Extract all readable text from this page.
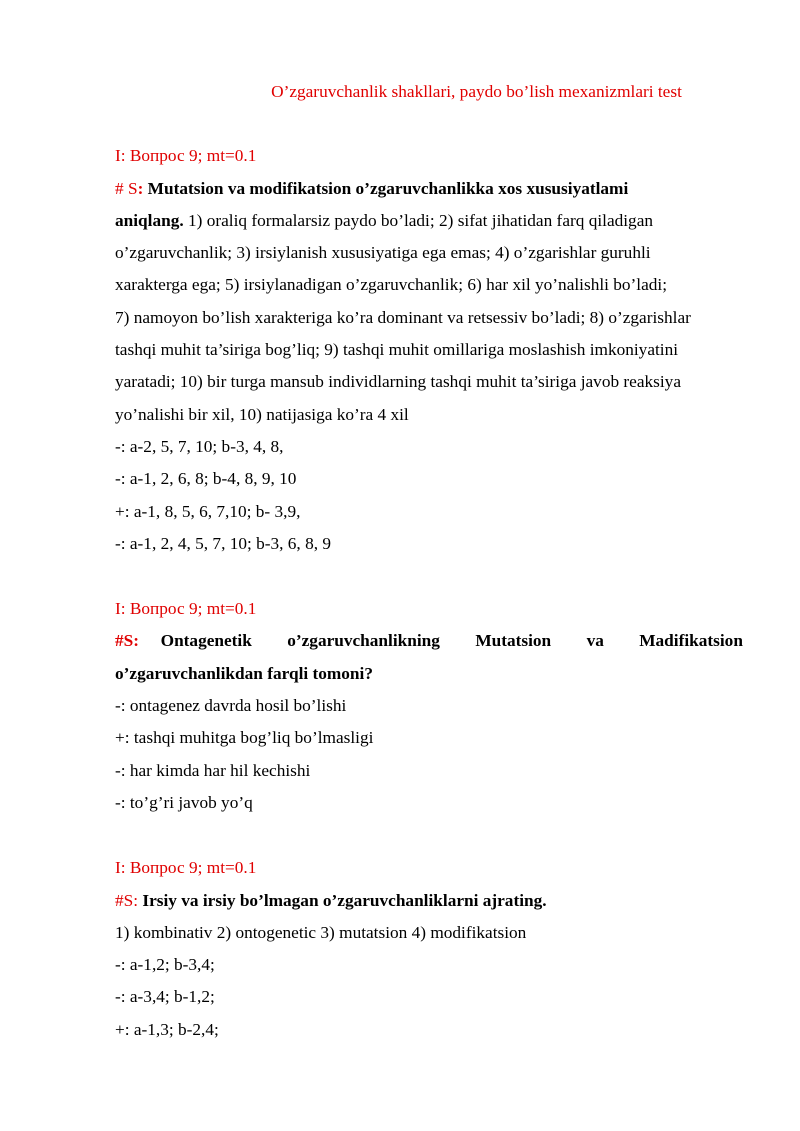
O’zgaruvchanlik shakllari, paydo bo’lish mexanizmlari test
I: Вопрос 9; mt=0.1
# S: Mutatsion va modifikatsion o’zgaruvchanlikka xos xususiyatlami
aniqlang. 1) oraliq formalarsiz paydo bo’ladi; 2) sifat jihatidan farq qiladigan
o’zgaruvchanlik; 3) irsiylanish xususiyatiga ega emas; 4) o’zgarishlar guruhli
xarakterga ega; 5) irsiylanadigan o’zgaruvchanlik; 6) har xil yo’nalishli bo’ladi;
7) namoyon bo’lish xarakteriga ko’ra dominant va retsessiv bo’ladi; 8) o’zgarishlar
tashqi muhit ta’siriga bog’liq; 9) tashqi muhit omillariga moslashish imkoniyatini
yaratadi; 10) bir turga mansub individlarning tashqi muhit ta’siriga javob reaksiya
yo’nalishi bir xil, 10) natijasiga ko’ra 4 xil
-: a-2, 5, 7, 10; b-3, 4, 8,
-: a-1, 2, 6, 8; b-4, 8, 9, 10
+: a-1, 8, 5, 6, 7,10; b- 3,9,
-: a-1, 2, 4, 5, 7, 10; b-3, 6, 8, 9
I: Вопрос 9; mt=0.1
#S: Ontagenetik o’zgaruvchanlikning Mutatsion va Madifikatsion
o’zgaruvchanlikdan farqli tomoni?
-: ontagenez davrda hosil bo’lishi
+: tashqi muhitga bog’liq bo’lmasligi
-: har kimda har hil kechishi
-: to’g’ri javob yo’q
I: Вопрос 9; mt=0.1
#S: Irsiy va irsiy bo’lmagan o’zgaruvchanliklarni ajrating.
1) kombinativ 2) ontogenetic 3) mutatsion 4) modifikatsion
-: a-1,2; b-3,4;
-: a-3,4; b-1,2;
+: a-1,3; b-2,4;
